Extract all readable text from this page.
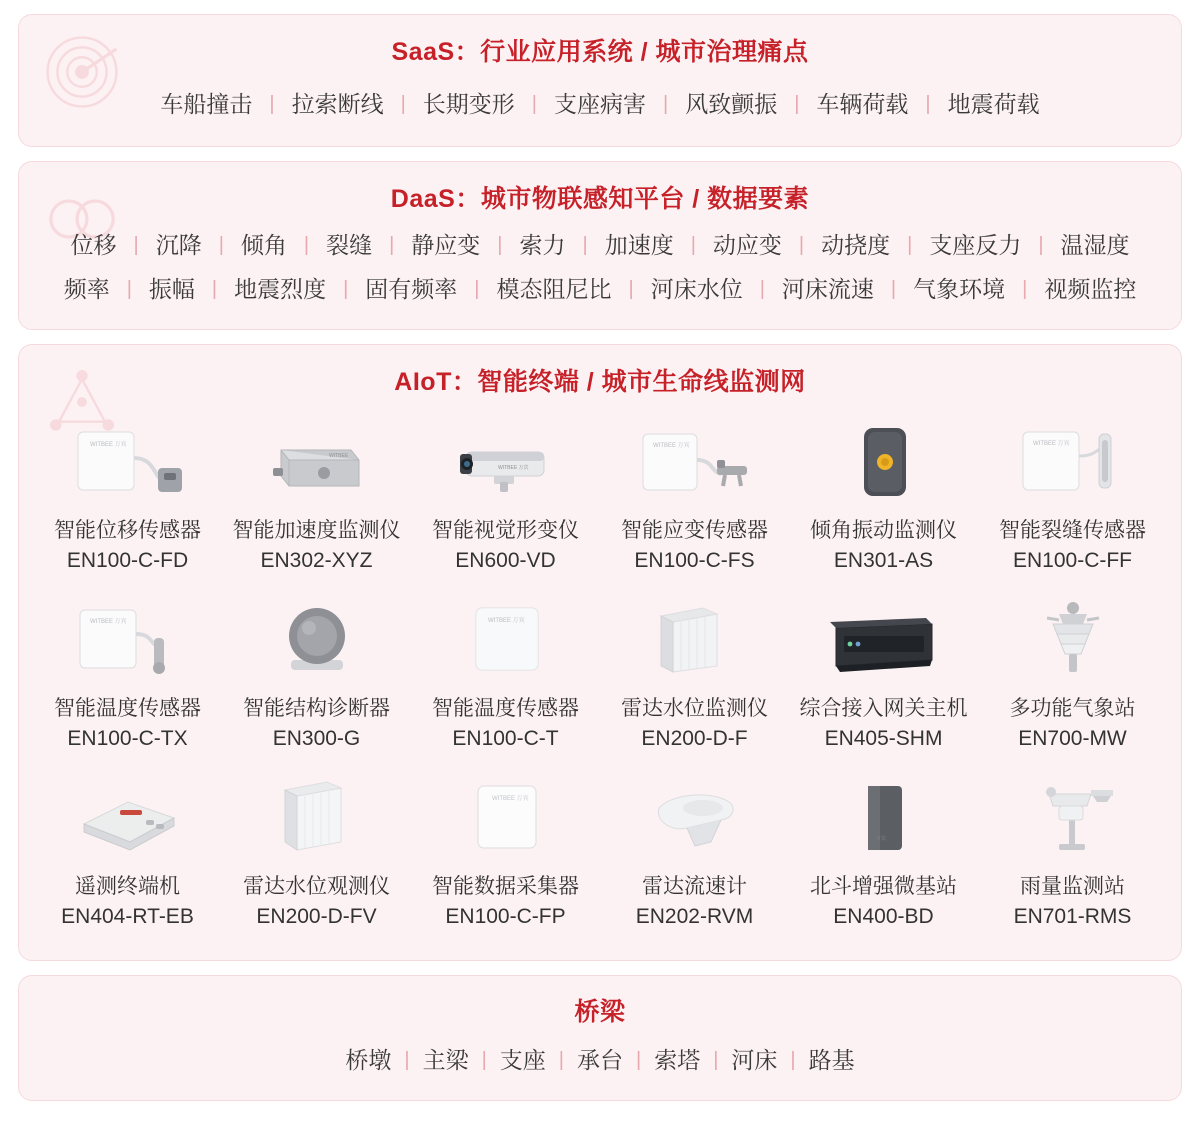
SaaS：行业应用系统 / 城市治理痛点
车船撞击 | 拉索断线 | 长期变形 | 支座病害 | 风致颤振 | 车辆荷载 | 地震荷载
DaaS：城市物联感知平台 / 数据要素
位移 | 沉降 | 倾角 | 裂缝 | 静应变 | 索力 | 加速度 | 动应变 | 动挠度 | 支座反力 | 温湿度
频率 | 振幅 | 地震烈度 | 固有频率 | 模态阻尼比 | 河床水位 | 河床流速 | 气象环境 | 视频监控
AIoT：智能终端 / 城市生命线监测网
WITBEE 万宾
智能位移传感器
EN100-C-FD
WITBEE
智能加速度监测仪
EN302-XYZ
WITBEE 万宾
智能视觉形变仪
EN600-VD
WITBEE 万宾
智能应变传感器
EN100-C-FS
倾角振动监测仪
EN301-AS
WITBEE 万宾
智能裂缝传感器
EN100-C-FF
WITBEE 万宾
智能温度传感器
EN100-C-TX
智能结构诊断器
EN300-G
WITBEE 万宾
智能温度传感器
EN100-C-T
雷达水位监测仪
EN200-D-F
综合接入网关主机
EN405-SHM
多功能气象站
EN700-MW
遥测终端机
EN404-RT-EB
雷达水位观测仪
EN200-D-FV
WITBEE 万宾
智能数据采集器
EN100-C-FP
雷达流速计
EN202-RVM
万宾
北斗增强微基站
EN400-BD
雨量监测站
EN701-RMS
桥梁
桥墩 | 主梁 | 支座 | 承台 | 索塔 | 河床 | 路基
